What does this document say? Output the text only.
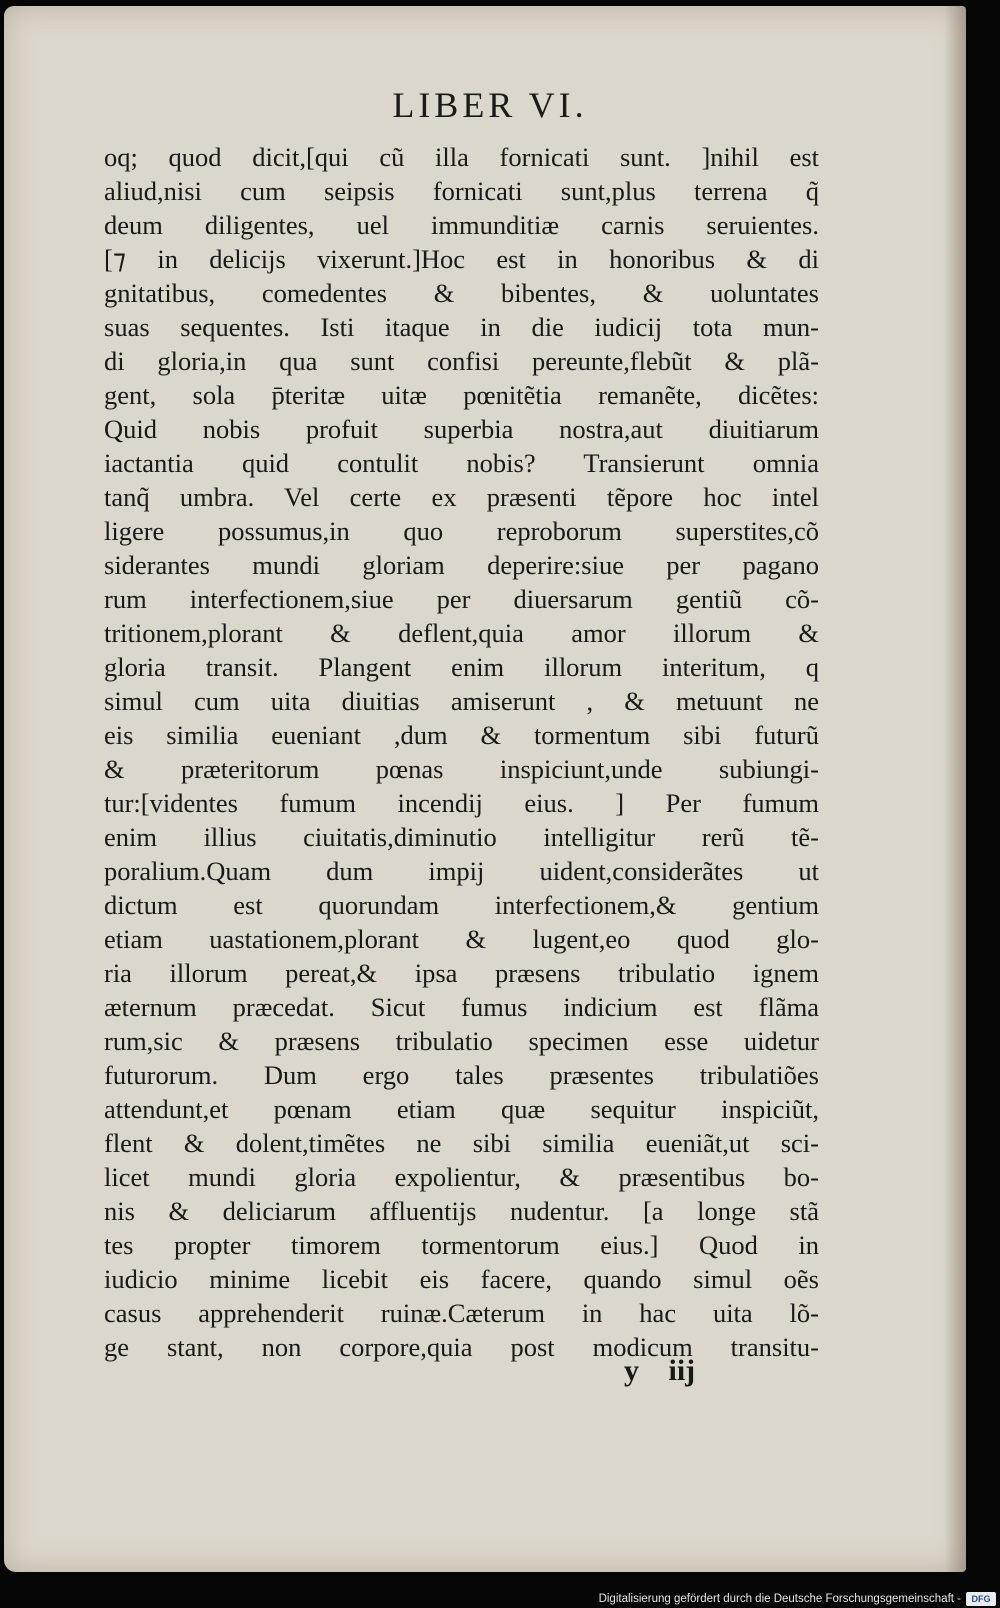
LIBER VI.
oq; quod dicit,[qui cũ illa fornicati sunt. ]nihil est
aliud,nisi cum seipsis fornicati sunt,plus terrena q̃
deum diligentes, uel immunditiæ carnis seruientes.
[⁊ in delicijs vixerunt.]Hoc est in honoribus & di
gnitatibus, comedentes & bibentes, & uoluntates
suas sequentes. Isti itaque in die iudicij tota mun-
di gloria,in qua sunt confisi pereunte,flebũt & plã-
gent, sola p̄teritæ uitæ pœnitẽtia remanẽte, dicẽtes:
Quid nobis profuit superbia nostra,aut diuitiarum
iactantia quid contulit nobis? Transierunt omnia
tanq̃ umbra. Vel certe ex præsenti tẽpore hoc intel
ligere possumus,in quo reproborum superstites,cõ
siderantes mundi gloriam deperire:siue per pagano
rum interfectionem,siue per diuersarum gentiũ cõ-
tritionem,plorant & deflent,quia amor illorum &
gloria transit. Plangent enim illorum interitum, q
simul cum uita diuitias amiserunt , & metuunt ne
eis similia eueniant ,dum & tormentum sibi futurũ
& præteritorum pœnas inspiciunt,unde subiungi-
tur:[videntes fumum incendij eius. ] Per fumum
enim illius ciuitatis,diminutio intelligitur rerũ tẽ-
poralium.Quam dum impij uident,considerãtes ut
dictum est quorundam interfectionem,& gentium
etiam uastationem,plorant & lugent,eo quod glo-
ria illorum pereat,& ipsa præsens tribulatio ignem
æternum præcedat. Sicut fumus indicium est flãma
rum,sic & præsens tribulatio specimen esse uidetur
futurorum. Dum ergo tales præsentes tribulatiões
attendunt,et pœnam etiam quæ sequitur inspiciũt,
flent & dolent,timẽtes ne sibi similia eueniãt,ut sci-
licet mundi gloria expolientur, & præsentibus bo-
nis & deliciarum affluentijs nudentur. [a longe stã
tes propter timorem tormentorum eius.] Quod in
iudicio minime licebit eis facere, quando simul oẽs
casus apprehenderit ruinæ.Cæterum in hac uita lõ-
ge stant, non corpore,quia post modicum transitu-
y iij
Digitalisierung gefördert durch die Deutsche Forschungsgemeinschaft -	DFG
